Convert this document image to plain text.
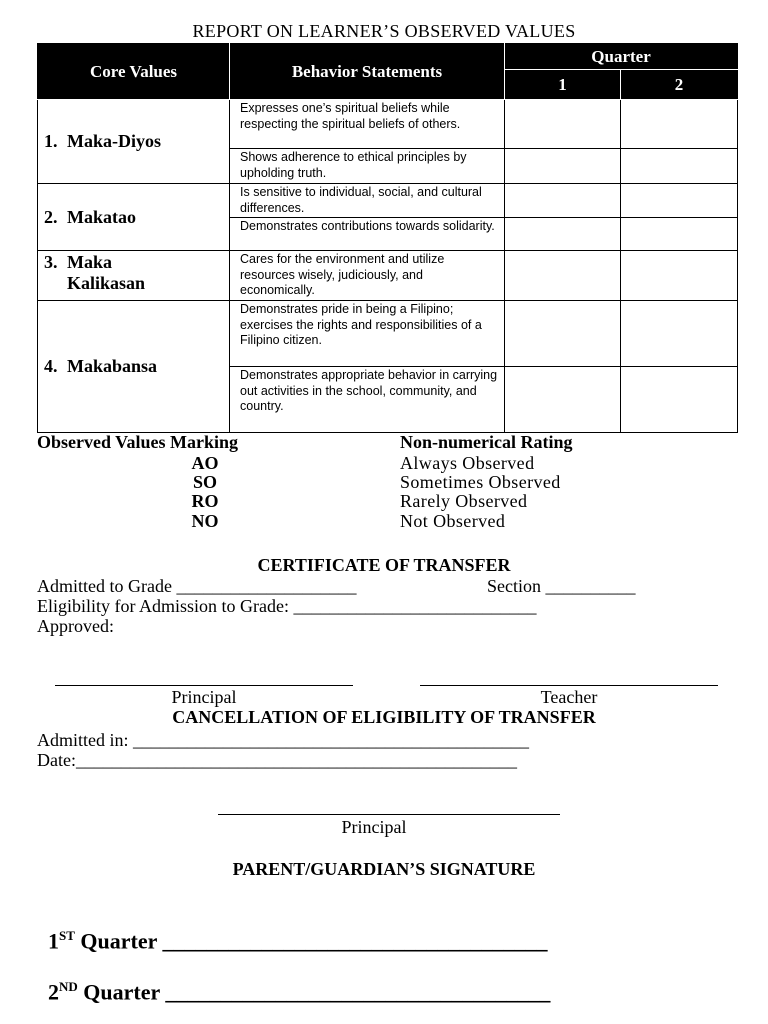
REPORT ON LEARNER’S OBSERVED VALUES
Core Values	Behavior Statements	Quarter	
		1	2
1. Maka-Diyos	Expresses one’s spiritual beliefs while respecting the spiritual beliefs of others.		
	Shows adherence to ethical principles by upholding truth.		
2. Makatao	Is sensitive to individual, social, and cultural differences.		
	Demonstrates contributions towards solidarity.		
3. Maka
Kalikasan	Cares for the environment and utilize resources wisely, judiciously, and economically.		
4. Makabansa	Demonstrates pride in being a Filipino; exercises the rights and responsibilities of a Filipino citizen.		
	Demonstrates appropriate behavior in carrying out activities in the school, community, and country.		
Observed Values Marking	Non-numerical Rating
AO	Always Observed
SO	Sometimes Observed
RO	Rarely Observed
NO	Not Observed
CERTIFICATE OF TRANSFER
Admitted to Grade ____________________	Section __________
Eligibility for Admission to Grade: ___________________________
Approved:
Principal	Teacher
CANCELLATION OF ELIGIBILITY OF TRANSFER
Admitted in: ____________________________________________
Date:_________________________________________________
Principal
PARENT/GUARDIAN’S SIGNATURE

1ST Quarter ___________________________________

2ND Quarter ___________________________________
